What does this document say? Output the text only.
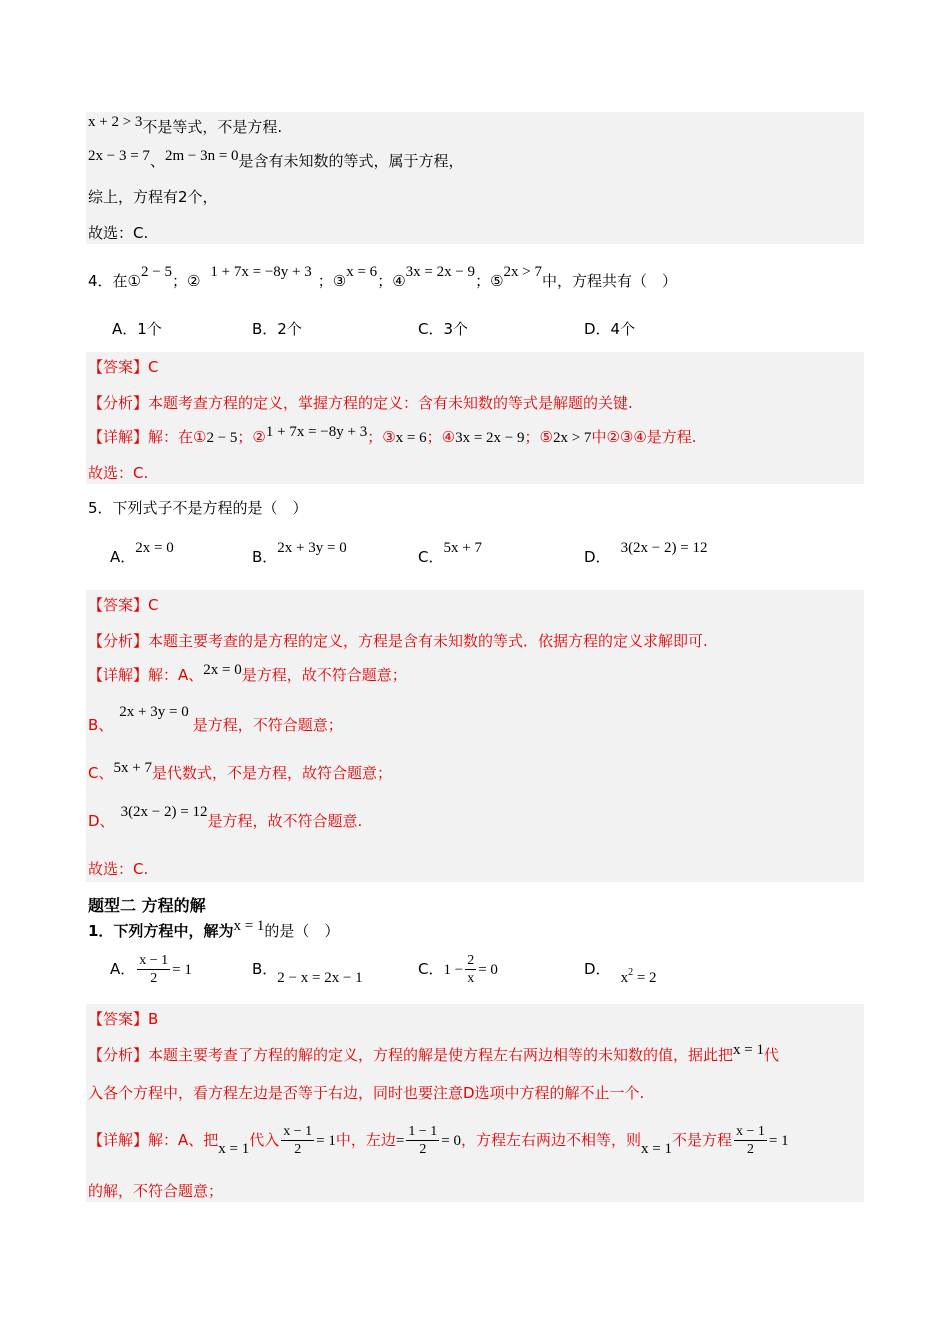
x + 2 > 3不是等式，不是方程.
2x − 3 = 7、2m − 3n = 0是含有未知数的等式，属于方程，
综上，方程有2个，
故选：C.
4．在①2 − 5；② 1 + 7x = −8y + 3 ；③x = 6；④3x = 2x − 9；⑤2x > 7中，方程共有（　）
A．1个	B．2个	C．3个	D．4个
【答案】C
【分析】本题考查方程的定义，掌握方程的定义：含有未知数的等式是解题的关键.
【详解】解：在①2 − 5；②1 + 7x = −8y + 3；③x = 6；④3x = 2x − 9；⑤2x > 7中②③④是方程.
故选：C.
5．下列式子不是方程的是（　）
A．2x = 0	B．2x + 3y = 0	C．5x + 7	D． 3(2x − 2) = 12
【答案】C
【分析】本题主要考查的是方程的定义，方程是含有未知数的等式．依据方程的定义求解即可.
【详解】解：A、2x = 0是方程，故不符合题意；
B、2x + 3y = 0是方程，不符合题意；
C、5x + 7是代数式，不是方程，故符合题意；
D、 3(2x − 2) = 12是方程，故不符合题意.
故选：C.
题型二 方程的解
1．下列方程中，解为x = 1的是（　）
A． $\frac{x - 1}{2} = 1$	B．2 − x = 2x − 1	C．$1 - \frac{2}{x} = 0$	D． $x^2 = 2$
【答案】B
【分析】本题主要考查了方程的解的定义，方程的解是使方程左右两边相等的未知数的值，据此把x = 1代
入各个方程中，看方程左边是否等于右边，同时也要注意D选项中方程的解不止一个.
【详解】解：A、把x = 1代入 $\frac{x - 1}{2} = 1$中，左边= $\frac{1 - 1}{2} = 0$，方程左右两边不相等，则x = 1不是方程 $\frac{x - 1}{2} = 1$
的解，不符合题意；
